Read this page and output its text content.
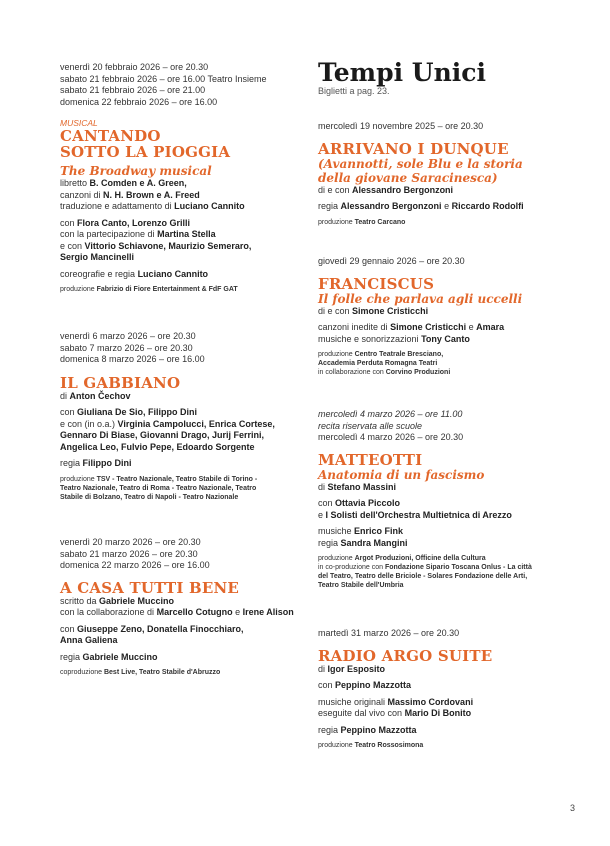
venerdì 20 febbraio 2026 – ore 20.30
sabato 21 febbraio 2026 – ore 16.00 Teatro Insieme
sabato 21 febbraio 2026 – ore 21.00
domenica 22 febbraio 2026 – ore 16.00
MUSICAL
CANTANDO
SOTTO LA PIOGGIA
The Broadway musical
libretto B. Comden e A. Green,
canzoni di N. H. Brown e A. Freed
traduzione e adattamento di Luciano Cannito
con Flora Canto, Lorenzo Grilli
con la partecipazione di Martina Stella
e con Vittorio Schiavone, Maurizio Semeraro,
Sergio Mancinelli
coreografie e regia Luciano Cannito
produzione Fabrizio di Fiore Entertainment & FdF GAT
venerdì 6 marzo 2026 – ore 20.30
sabato 7 marzo 2026 – ore 20.30
domenica 8 marzo 2026 – ore 16.00
IL GABBIANO
di Anton Čechov
con Giuliana De Sio, Filippo Dini
e con (in o.a.) Virginia Campolucci, Enrica Cortese,
Gennaro Di Biase, Giovanni Drago, Jurij Ferrini,
Angelica Leo, Fulvio Pepe, Edoardo Sorgente
regia Filippo Dini
produzione TSV - Teatro Nazionale, Teatro Stabile di Torino -
Teatro Nazionale, Teatro di Roma - Teatro Nazionale, Teatro
Stabile di Bolzano, Teatro di Napoli - Teatro Nazionale
venerdì 20 marzo 2026 – ore 20.30
sabato 21 marzo 2026 – ore 20.30
domenica 22 marzo 2026 – ore 16.00
A CASA TUTTI BENE
scritto da Gabriele Muccino
con la collaborazione di Marcello Cotugno e Irene Alison
con Giuseppe Zeno, Donatella Finocchiaro,
Anna Galiena
regia Gabriele Muccino
coproduzione Best Live, Teatro Stabile d'Abruzzo
Tempi Unici
Biglietti a pag. 23.
mercoledì 19 novembre 2025 – ore 20.30
ARRIVANO I DUNQUE
(Avannotti, sole Blu e la storia
della giovane Saracinesca)
di e con Alessandro Bergonzoni
regia Alessandro Bergonzoni e Riccardo Rodolfi
produzione Teatro Carcano
giovedì 29 gennaio 2026 – ore 20.30
FRANCISCUS
Il folle che parlava agli uccelli
di e con Simone Cristicchi
canzoni inedite di Simone Cristicchi e Amara
musiche e sonorizzazioni Tony Canto
produzione Centro Teatrale Bresciano,
Accademia Perduta Romagna Teatri
in collaborazione con Corvino Produzioni
mercoledì 4 marzo 2026 – ore 11.00
recita riservata alle scuole
mercoledì 4 marzo 2026 – ore 20.30
MATTEOTTI
Anatomia di un fascismo
di Stefano Massini
con Ottavia Piccolo
e I Solisti dell'Orchestra Multietnica di Arezzo
musiche Enrico Fink
regia Sandra Mangini
produzione Argot Produzioni, Officine della Cultura
in co-produzione con Fondazione Sipario Toscana Onlus - La città
del Teatro, Teatro delle Briciole - Solares Fondazione delle Arti,
Teatro Stabile dell'Umbria
martedì 31 marzo 2026 – ore 20.30
RADIO ARGO SUITE
di Igor Esposito
con Peppino Mazzotta
musiche originali Massimo Cordovani
eseguite dal vivo con Mario Di Bonito
regia Peppino Mazzotta
produzione Teatro Rossosimona
3
